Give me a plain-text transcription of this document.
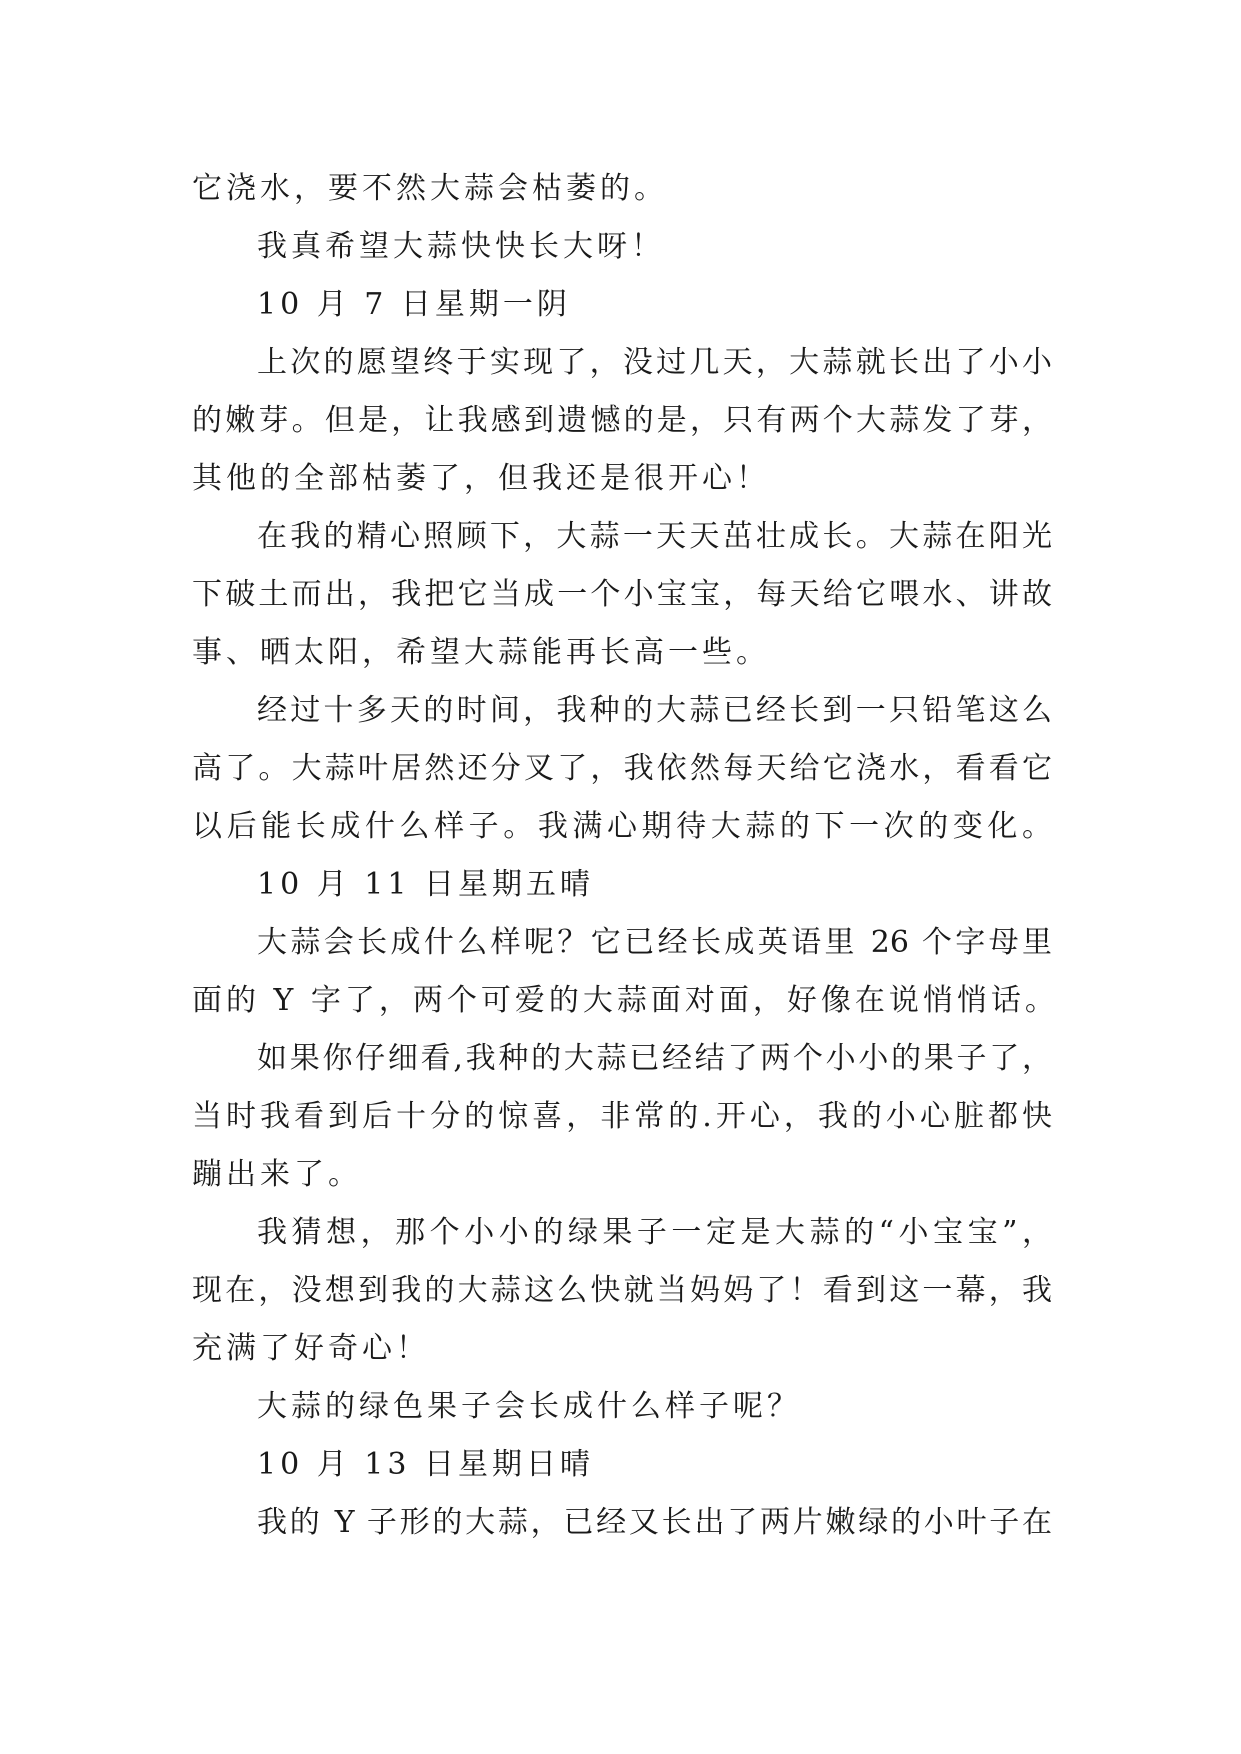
它浇水，要不然大蒜会枯萎的。
我真希望大蒜快快长大呀！
10 月 7 日星期一阴
上次的愿望终于实现了，没过几天，大蒜就长出了小小
的嫩芽。但是，让我感到遗憾的是，只有两个大蒜发了芽，
其他的全部枯萎了，但我还是很开心！
在我的精心照顾下，大蒜一天天茁壮成长。大蒜在阳光
下破土而出，我把它当成一个小宝宝，每天给它喂水、讲故
事、晒太阳，希望大蒜能再长高一些。
经过十多天的时间，我种的大蒜已经长到一只铅笔这么
高了。大蒜叶居然还分叉了，我依然每天给它浇水，看看它
以后能长成什么样子。我满心期待大蒜的下一次的变化。
10 月 11 日星期五晴
大蒜会长成什么样呢？它已经长成英语里 26 个字母里
面的 Y 字了，两个可爱的大蒜面对面，好像在说悄悄话。
如果你仔细看,我种的大蒜已经结了两个小小的果子了，
当时我看到后十分的惊喜，非常的.开心，我的小心脏都快
蹦出来了。
我猜想，那个小小的绿果子一定是大蒜的“小宝宝”，
现在，没想到我的大蒜这么快就当妈妈了！看到这一幕，我
充满了好奇心！
大蒜的绿色果子会长成什么样子呢？
10 月 13 日星期日晴
我的 Y 子形的大蒜，已经又长出了两片嫩绿的小叶子在
